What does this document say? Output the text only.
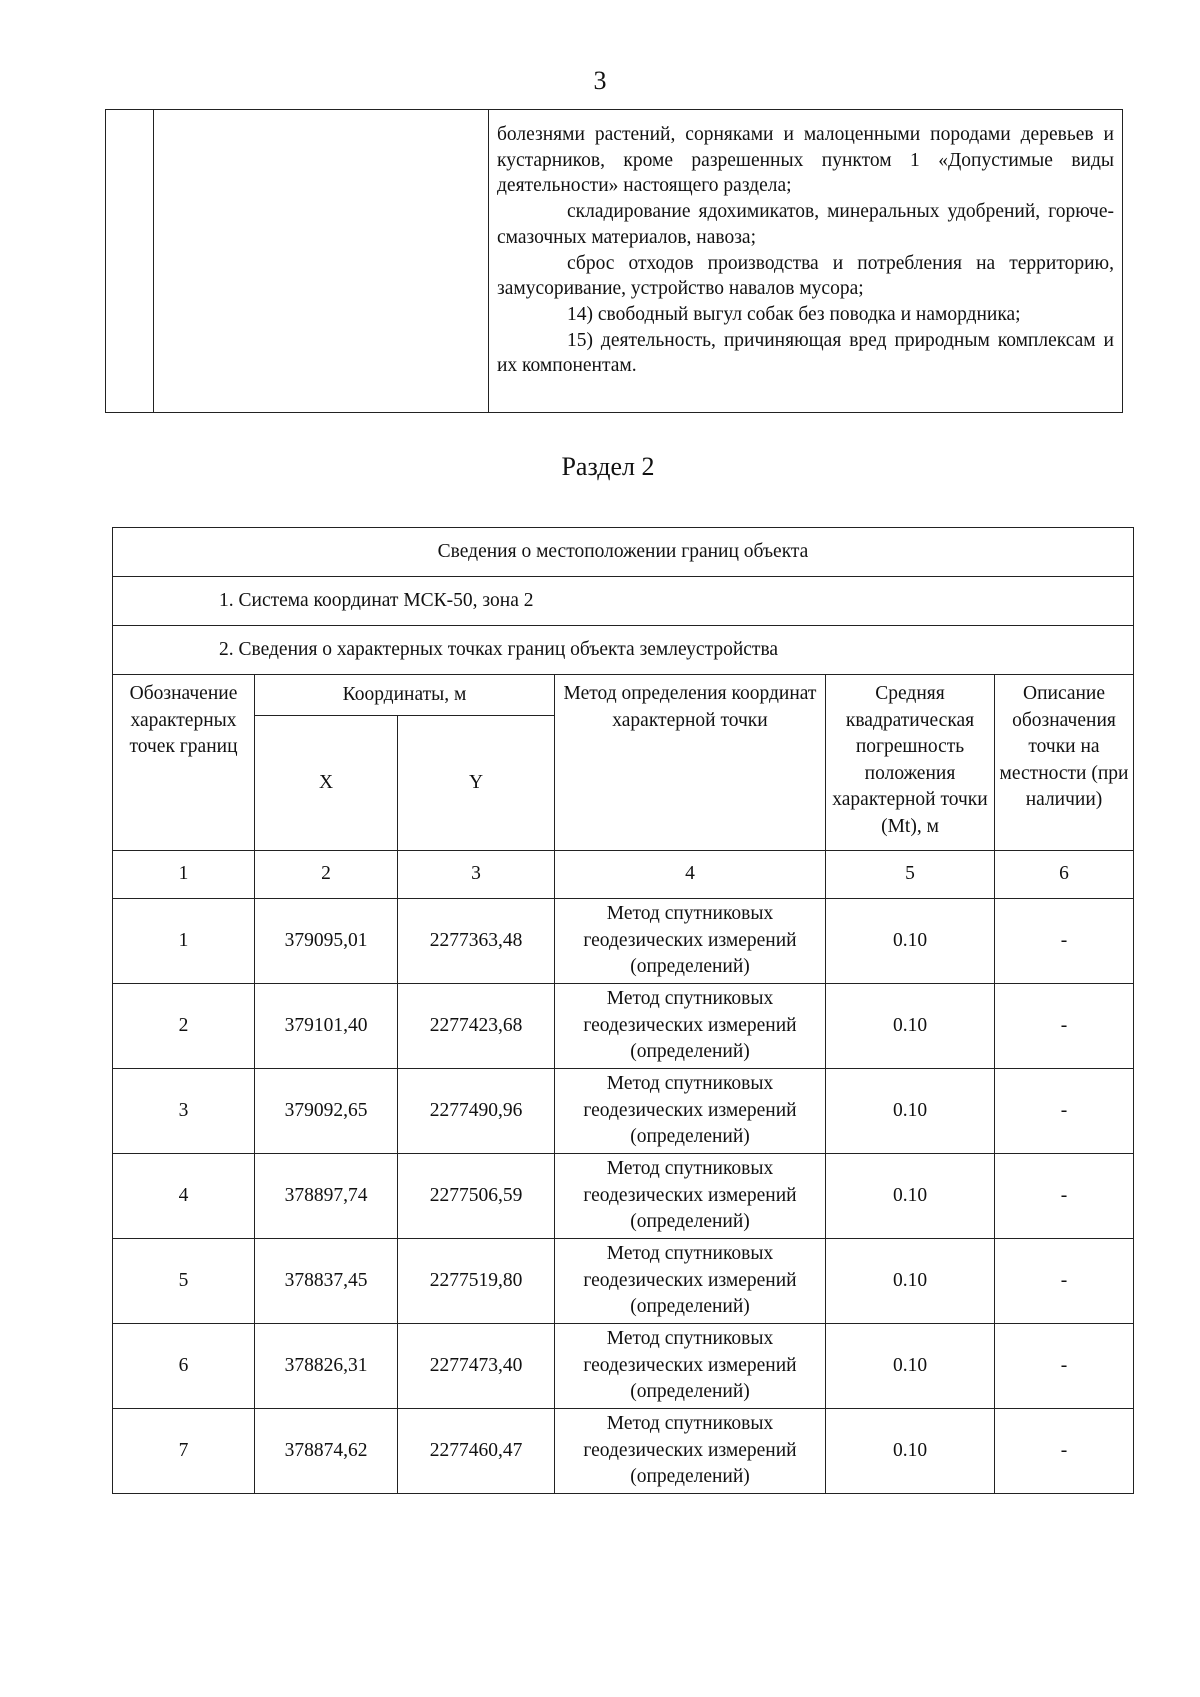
3

болезнями растений, сорняками и малоценными породами деревьев и кустарников, кроме разрешенных пунктом 1 «Допустимые виды деятельности» настоящего раздела;

складирование ядохимикатов, минеральных удобрений, горюче-смазочных материалов, навоза;

сброс отходов производства и потребления на территорию, замусоривание, устройство навалов мусора;

14) свободный выгул собак без поводка и намордника;

15) деятельность, причиняющая вред природным комплексам и их компонентам.

Раздел 2
Сведения о местоположении границ объекта					
1. Система координат МСК-50, зона 2					
2. Сведения о характерных точках границ объекта землеустройства					
Обозначение характерных точек границ	Координаты, м		Метод определения координат характерной точки	Средняя квадратическая погрешность положения характерной точки (Mt), м	Описание обозначения точки на местности (при наличии)
	X	Y			
1	2	3	4	5	6
1	379095,01	2277363,48	Метод спутниковых геодезических измерений (определений)	0.10	-
2	379101,40	2277423,68	Метод спутниковых геодезических измерений (определений)	0.10	-
3	379092,65	2277490,96	Метод спутниковых геодезических измерений (определений)	0.10	-
4	378897,74	2277506,59	Метод спутниковых геодезических измерений (определений)	0.10	-
5	378837,45	2277519,80	Метод спутниковых геодезических измерений (определений)	0.10	-
6	378826,31	2277473,40	Метод спутниковых геодезических измерений (определений)	0.10	-
7	378874,62	2277460,47	Метод спутниковых геодезических измерений (определений)	0.10	-
